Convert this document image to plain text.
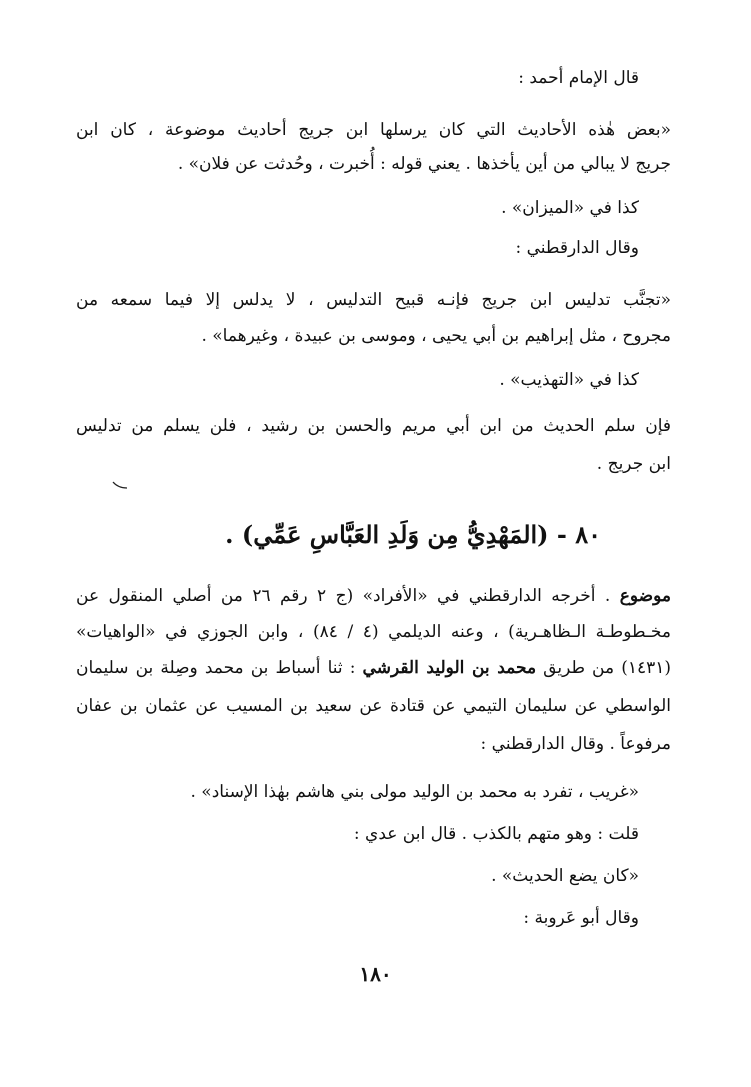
قال الإمام أحمد :
«بعض هٰذه الأحاديث التي كان يرسلها ابن جريج أحاديث موضوعة ، كان ابن
جريج لا يبالي من أين يأخذها . يعني قوله : أُخبرت ، وحُدثت عن فلان» .
كذا في «الميزان» .
وقال الدارقطني :
«تجنَّب تدليس ابن جريج فإنـه قبيح التدليس ، لا يدلس إلا فيما سمعه من
مجروح ، مثل إبراهيم بن أبي يحيى ، وموسى بن عبيدة ، وغيرهما» .
كذا في «التهذيب» .
فإن سلم الحديث من ابن أبي مريم والحسن بن رشيد ، فلن يسلم من تدليس
ابن جريج .
٨٠ - (المَهْدِيُّ مِن وَلَدِ العَبَّاسِ عَمِّي) .
موضوع . أخرجه الدارقطني في «الأفراد» (ج ٢ رقم ٢٦ من أصلي المنقول عن
مخـطوطـة الـظاهـرية) ، وعنه الديلمي (٤ / ٨٤) ، وابن الجوزي في «الواهيات»
(١٤٣١) من طريق محمد بن الوليد القرشي : ثنا أسباط بن محمد وصِلة بن سليمان
الواسطي عن سليمان التيمي عن قتادة عن سعيد بن المسيب عن عثمان بن عفان
مرفوعاً . وقال الدارقطني :
«غريب ، تفرد به محمد بن الوليد مولى بني هاشم بهٰذا الإسناد» .
قلت : وهو متهم بالكذب . قال ابن عدي :
«كان يضع الحديث» .
وقال أبو عَروبة :
١٨٠
